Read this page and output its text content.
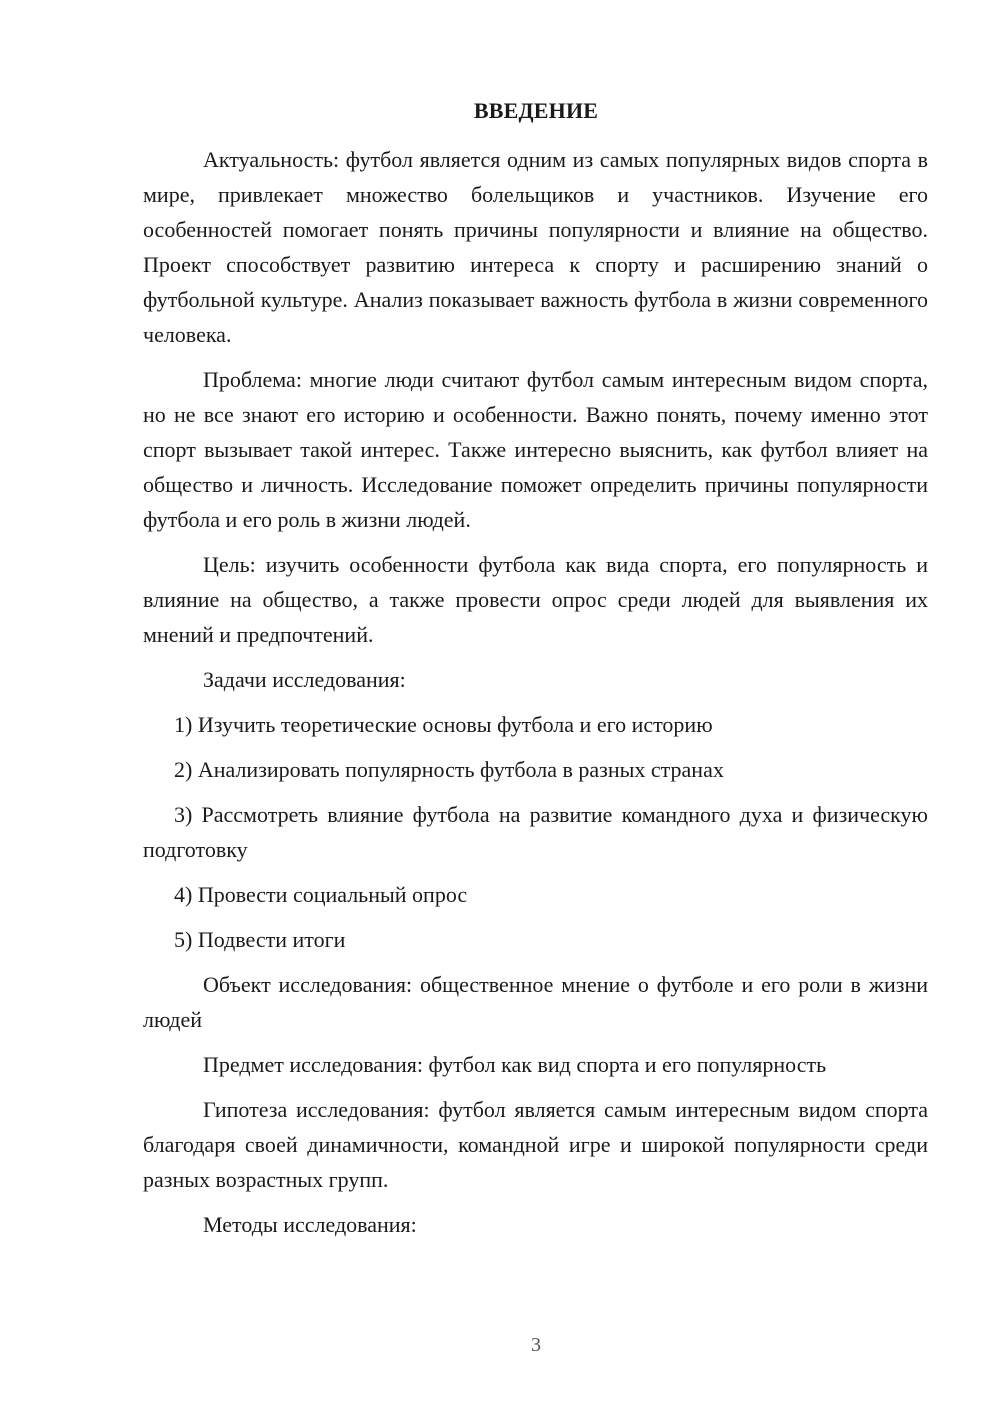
ВВЕДЕНИЕ

Актуальность: футбол является одним из самых популярных видов спорта в мире, привлекает множество болельщиков и участников. Изучение его особенностей помогает понять причины популярности и влияние на общество. Проект способствует развитию интереса к спорту и расширению знаний о футбольной культуре. Анализ показывает важность футбола в жизни современного человека.

Проблема: многие люди считают футбол самым интересным видом спорта, но не все знают его историю и особенности. Важно понять, почему именно этот спорт вызывает такой интерес. Также интересно выяснить, как футбол влияет на общество и личность. Исследование поможет определить причины популярности футбола и его роль в жизни людей.

Цель: изучить особенности футбола как вида спорта, его популярность и влияние на общество, а также провести опрос среди людей для выявления их мнений и предпочтений.

Задачи исследования:

1) Изучить теоретические основы футбола и его историю

2) Анализировать популярность футбола в разных странах

3) Рассмотреть влияние футбола на развитие командного духа и физическую подготовку

4) Провести социальный опрос

5) Подвести итоги

Объект исследования: общественное мнение о футболе и его роли в жизни людей

Предмет исследования: футбол как вид спорта и его популярность

Гипотеза исследования: футбол является самым интересным видом спорта благодаря своей динамичности, командной игре и широкой популярности среди разных возрастных групп.

Методы исследования:

3
